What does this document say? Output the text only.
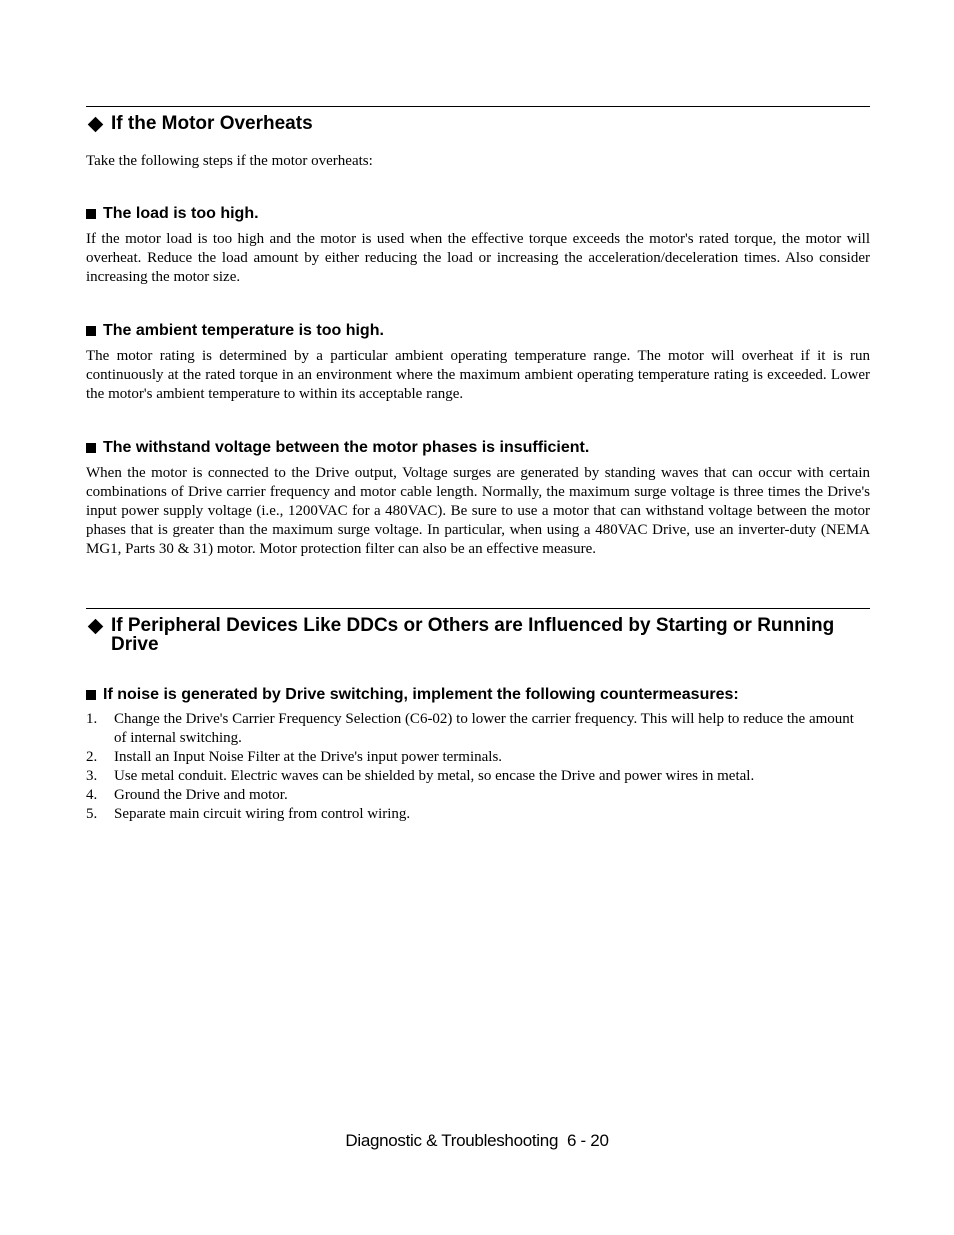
If the Motor Overheats
Take the following steps if the motor overheats:
The load is too high.
If the motor load is too high and the motor is used when the effective torque exceeds the motor's rated torque, the motor will overheat. Reduce the load amount by either reducing the load or increasing the acceleration/deceleration times. Also consider increasing the motor size.
The ambient temperature is too high.
The motor rating is determined by a particular ambient operating temperature range. The motor will overheat if it is run continuously at the rated torque in an environment where the maximum ambient operating temperature rating is exceeded. Lower the motor's ambient temperature to within its acceptable range.
The withstand voltage between the motor phases is insufficient.
When the motor is connected to the Drive output, Voltage surges are generated by standing waves that can occur with certain combinations of Drive carrier frequency and motor cable length. Normally, the maximum surge voltage is three times the Drive's input power supply voltage (i.e., 1200VAC for a 480VAC). Be sure to use a motor that can withstand voltage between the motor phases that is greater than the maximum surge voltage. In particular, when using a 480VAC Drive, use an inverter-duty (NEMA MG1, Parts 30 & 31) motor. Motor protection filter can also be an effective measure.
If Peripheral Devices Like DDCs or Others are Influenced by Starting or Running Drive
If noise is generated by Drive switching, implement the following countermeasures:
1.	Change the Drive's Carrier Frequency Selection (C6-02) to lower the carrier frequency. This will help to reduce the amount of internal switching.
2.	Install an Input Noise Filter at the Drive's input power terminals.
3.	Use metal conduit. Electric waves can be shielded by metal, so encase the Drive and power wires in metal.
4.	Ground the Drive and motor.
5.	Separate main circuit wiring from control wiring.
Diagnostic & Troubleshooting  6 - 20
